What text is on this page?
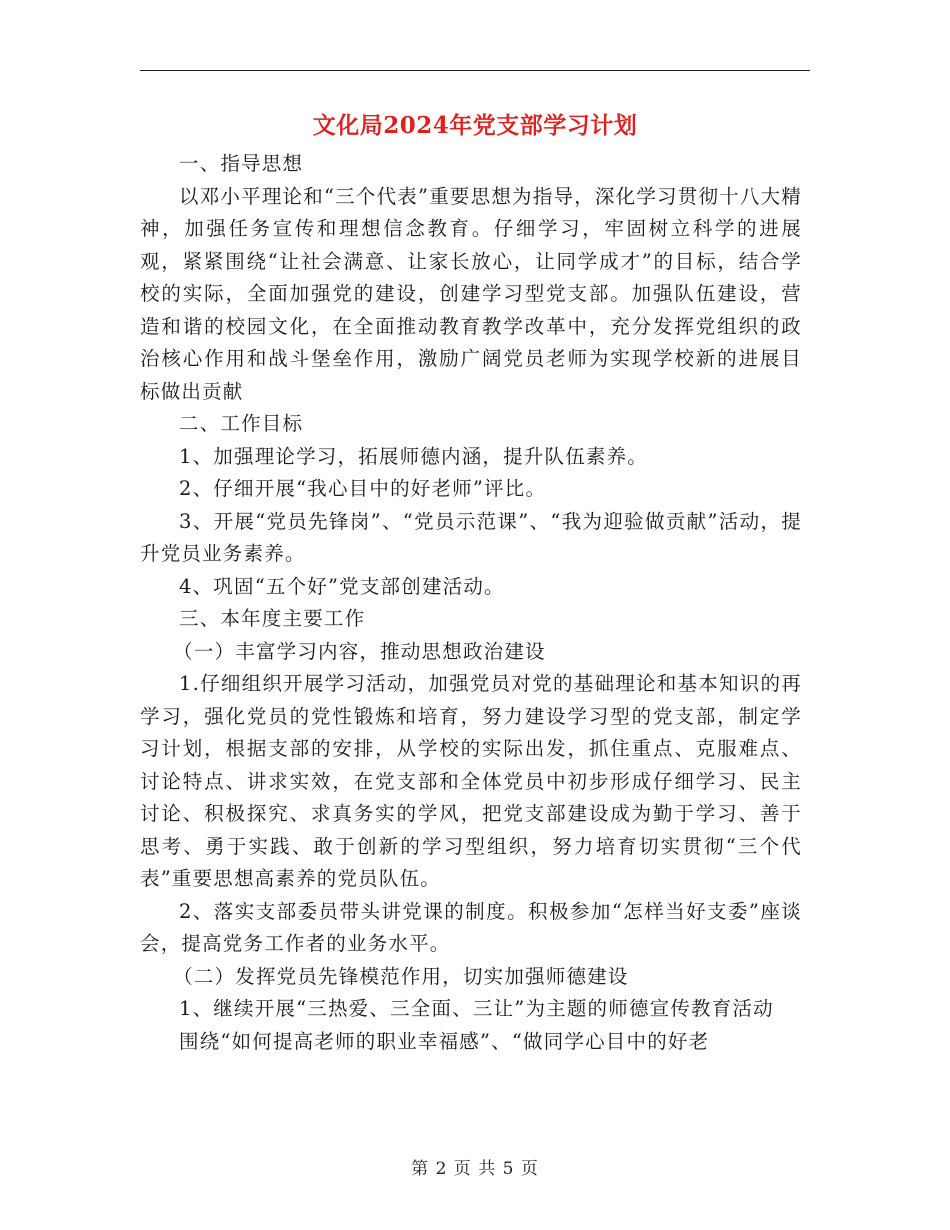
文化局2024年党支部学习计划

一、指导思想

以邓小平理论和“三个代表”重要思想为指导，深化学习贯彻十八大精神，加强任务宣传和理想信念教育。仔细学习，牢固树立科学的进展观，紧紧围绕“让社会满意、让家长放心，让同学成才”的目标，结合学校的实际，全面加强党的建设，创建学习型党支部。加强队伍建设，营造和谐的校园文化，在全面推动教育教学改革中，充分发挥党组织的政治核心作用和战斗堡垒作用，激励广阔党员老师为实现学校新的进展目标做出贡献

二、工作目标

1、加强理论学习，拓展师德内涵，提升队伍素养。

2、仔细开展“我心目中的好老师”评比。

3、开展“党员先锋岗”、“党员示范课”、“我为迎验做贡献”活动，提升党员业务素养。

4、巩固“五个好”党支部创建活动。

三、本年度主要工作

（一）丰富学习内容，推动思想政治建设

1.仔细组织开展学习活动，加强党员对党的基础理论和基本知识的再学习，强化党员的党性锻炼和培育，努力建设学习型的党支部，制定学习计划，根据支部的安排，从学校的实际出发，抓住重点、克服难点、讨论特点、讲求实效，在党支部和全体党员中初步形成仔细学习、民主讨论、积极探究、求真务实的学风，把党支部建设成为勤于学习、善于思考、勇于实践、敢于创新的学习型组织，努力培育切实贯彻“三个代表”重要思想高素养的党员队伍。

2、落实支部委员带头讲党课的制度。积极参加“怎样当好支委”座谈会，提高党务工作者的业务水平。

（二）发挥党员先锋模范作用，切实加强师德建设

1、继续开展“三热爱、三全面、三让”为主题的师德宣传教育活动

围绕“如何提高老师的职业幸福感”、“做同学心目中的好老

第 2 页 共 5 页
